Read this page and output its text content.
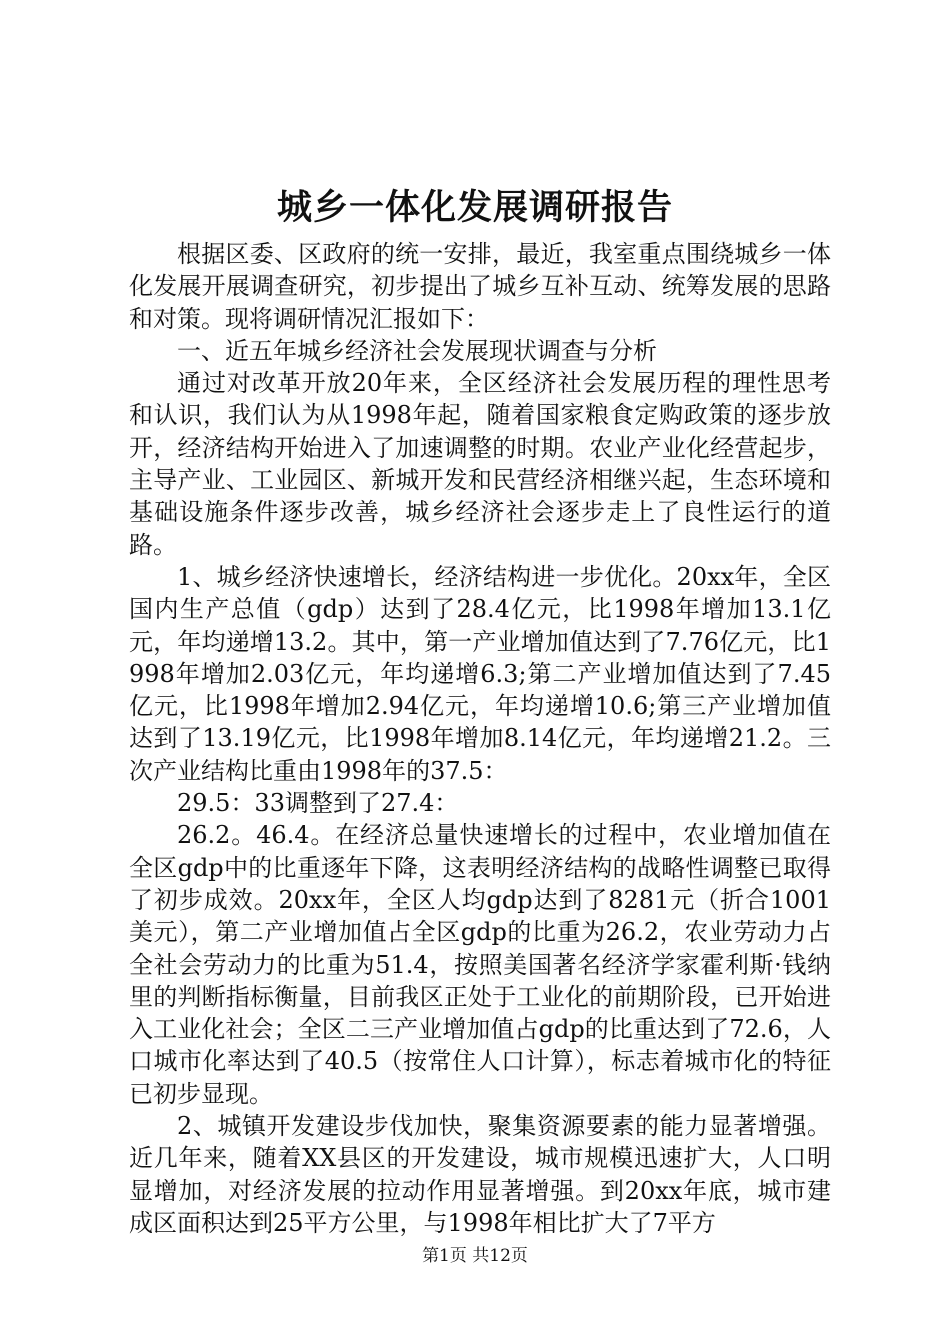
城乡一体化发展调研报告

根据区委、区政府的统一安排，最近，我室重点围绕城乡一体化发展开展调查研究，初步提出了城乡互补互动、统筹发展的思路和对策。现将调研情况汇报如下：

一、近五年城乡经济社会发展现状调查与分析

通过对改革开放20年来，全区经济社会发展历程的理性思考和认识，我们认为从1998年起，随着国家粮食定购政策的逐步放开，经济结构开始进入了加速调整的时期。农业产业化经营起步，主导产业、工业园区、新城开发和民营经济相继兴起，生态环境和基础设施条件逐步改善，城乡经济社会逐步走上了良性运行的道路。

1、城乡经济快速增长，经济结构进一步优化。20xx年，全区国内生产总值（gdp）达到了28.4亿元，比1998年增加13.1亿元，年均递增13.2。其中，第一产业增加值达到了7.76亿元，比1998年增加2.03亿元，年均递增6.3;第二产业增加值达到了7.45亿元，比1998年增加2.94亿元，年均递增10.6;第三产业增加值达到了13.19亿元，比1998年增加8.14亿元，年均递增21.2。三次产业结构比重由1998年的37.5：

29.5：33调整到了27.4：

26.2。46.4。在经济总量快速增长的过程中，农业增加值在全区gdp中的比重逐年下降，这表明经济结构的战略性调整已取得了初步成效。20xx年，全区人均gdp达到了8281元（折合1001美元），第二产业增加值占全区gdp的比重为26.2，农业劳动力占全社会劳动力的比重为51.4，按照美国著名经济学家霍利斯·钱纳里的判断指标衡量，目前我区正处于工业化的前期阶段，已开始进入工业化社会；全区二三产业增加值占gdp的比重达到了72.6，人口城市化率达到了40.5（按常住人口计算），标志着城市化的特征已初步显现。

2、城镇开发建设步伐加快，聚集资源要素的能力显著增强。近几年来，随着XX县区的开发建设，城市规模迅速扩大，人口明显增加，对经济发展的拉动作用显著增强。到20xx年底，城市建成区面积达到25平方公里，与1998年相比扩大了7平方

第1页 共12页
